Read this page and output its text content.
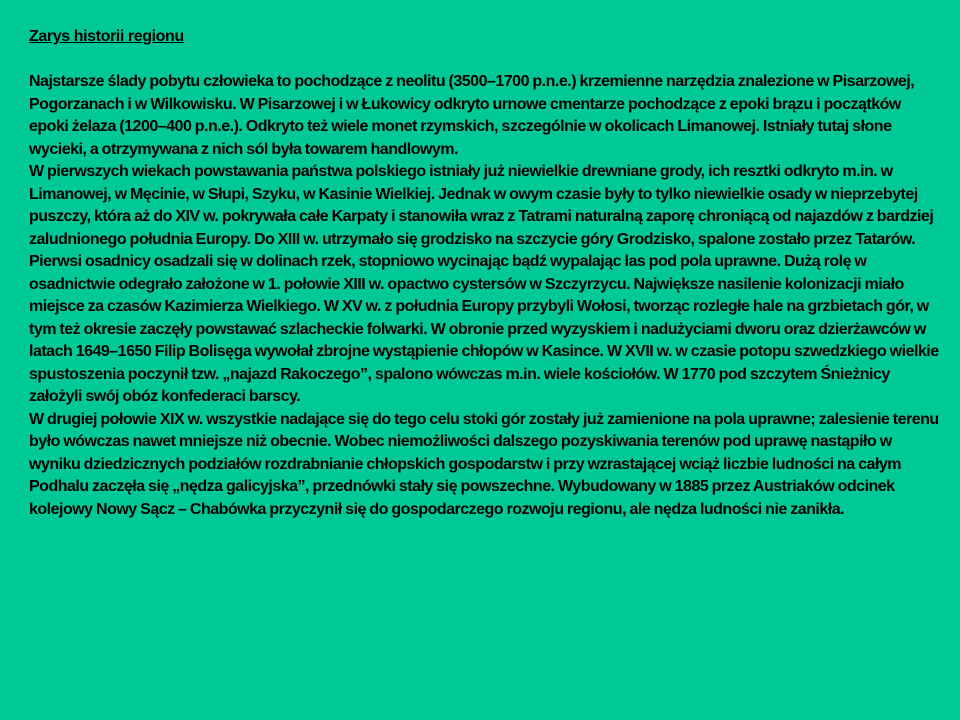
Zarys historii regionu

Najstarsze ślady pobytu człowieka to pochodzące z neolitu (3500–1700 p.n.e.) krzemienne narzędzia znalezione w Pisarzowej, Pogorzanach i w Wilkowisku. W Pisarzowej i w Łukowicy odkryto urnowe cmentarze pochodzące z epoki brązu i początków epoki żelaza (1200–400 p.n.e.). Odkryto też wiele monet rzymskich, szczególnie w okolicach Limanowej. Istniały tutaj słone wycieki, a otrzymywana z nich sól była towarem handlowym.

W pierwszych wiekach powstawania państwa polskiego istniały już niewielkie drewniane grody, ich resztki odkryto m.in. w Limanowej, w Męcinie, w Słupi, Szyku, w Kasinie Wielkiej. Jednak w owym czasie były to tylko niewielkie osady w nieprzebytej puszczy, która aż do XIV w. pokrywała całe Karpaty i stanowiła wraz z Tatrami naturalną zaporę chroniącą od najazdów z bardziej zaludnionego południa Europy. Do XIII w. utrzymało się grodzisko na szczycie góry Grodzisko, spalone zostało przez Tatarów. Pierwsi osadnicy osadzali się w dolinach rzek, stopniowo wycinając bądź wypalając las pod pola uprawne. Dużą rolę w osadnictwie odegrało założone w 1. połowie XIII w. opactwo cystersów w Szczyrzycu. Największe nasilenie kolonizacji miało miejsce za czasów Kazimierza Wielkiego. W XV w. z południa Europy przybyli Wołosi, tworząc rozległe hale na grzbietach gór, w tym też okresie zaczęły powstawać szlacheckie folwarki. W obronie przed wyzyskiem i nadużyciami dworu oraz dzierżawców w latach 1649–1650 Filip Bolisęga wywołał zbrojne wystąpienie chłopów w Kasince. W XVII w. w czasie potopu szwedzkiego wielkie spustoszenia poczynił tzw. „najazd Rakoczego”, spalono wówczas m.in. wiele kościołów. W 1770 pod szczytem Śnieżnicy założyli swój obóz konfederaci barscy.

W drugiej połowie XIX w. wszystkie nadające się do tego celu stoki gór zostały już zamienione na pola uprawne; zalesienie terenu było wówczas nawet mniejsze niż obecnie. Wobec niemożliwości dalszego pozyskiwania terenów pod uprawę nastąpiło w wyniku dziedzicznych podziałów rozdrabnianie chłopskich gospodarstw i przy wzrastającej wciąż liczbie ludności na całym Podhalu zaczęła się „nędza galicyjska”, przednówki stały się powszechne. Wybudowany w 1885 przez Austriaków odcinek kolejowy Nowy Sącz – Chabówka przyczynił się do gospodarczego rozwoju regionu, ale nędza ludności nie zanikła.
